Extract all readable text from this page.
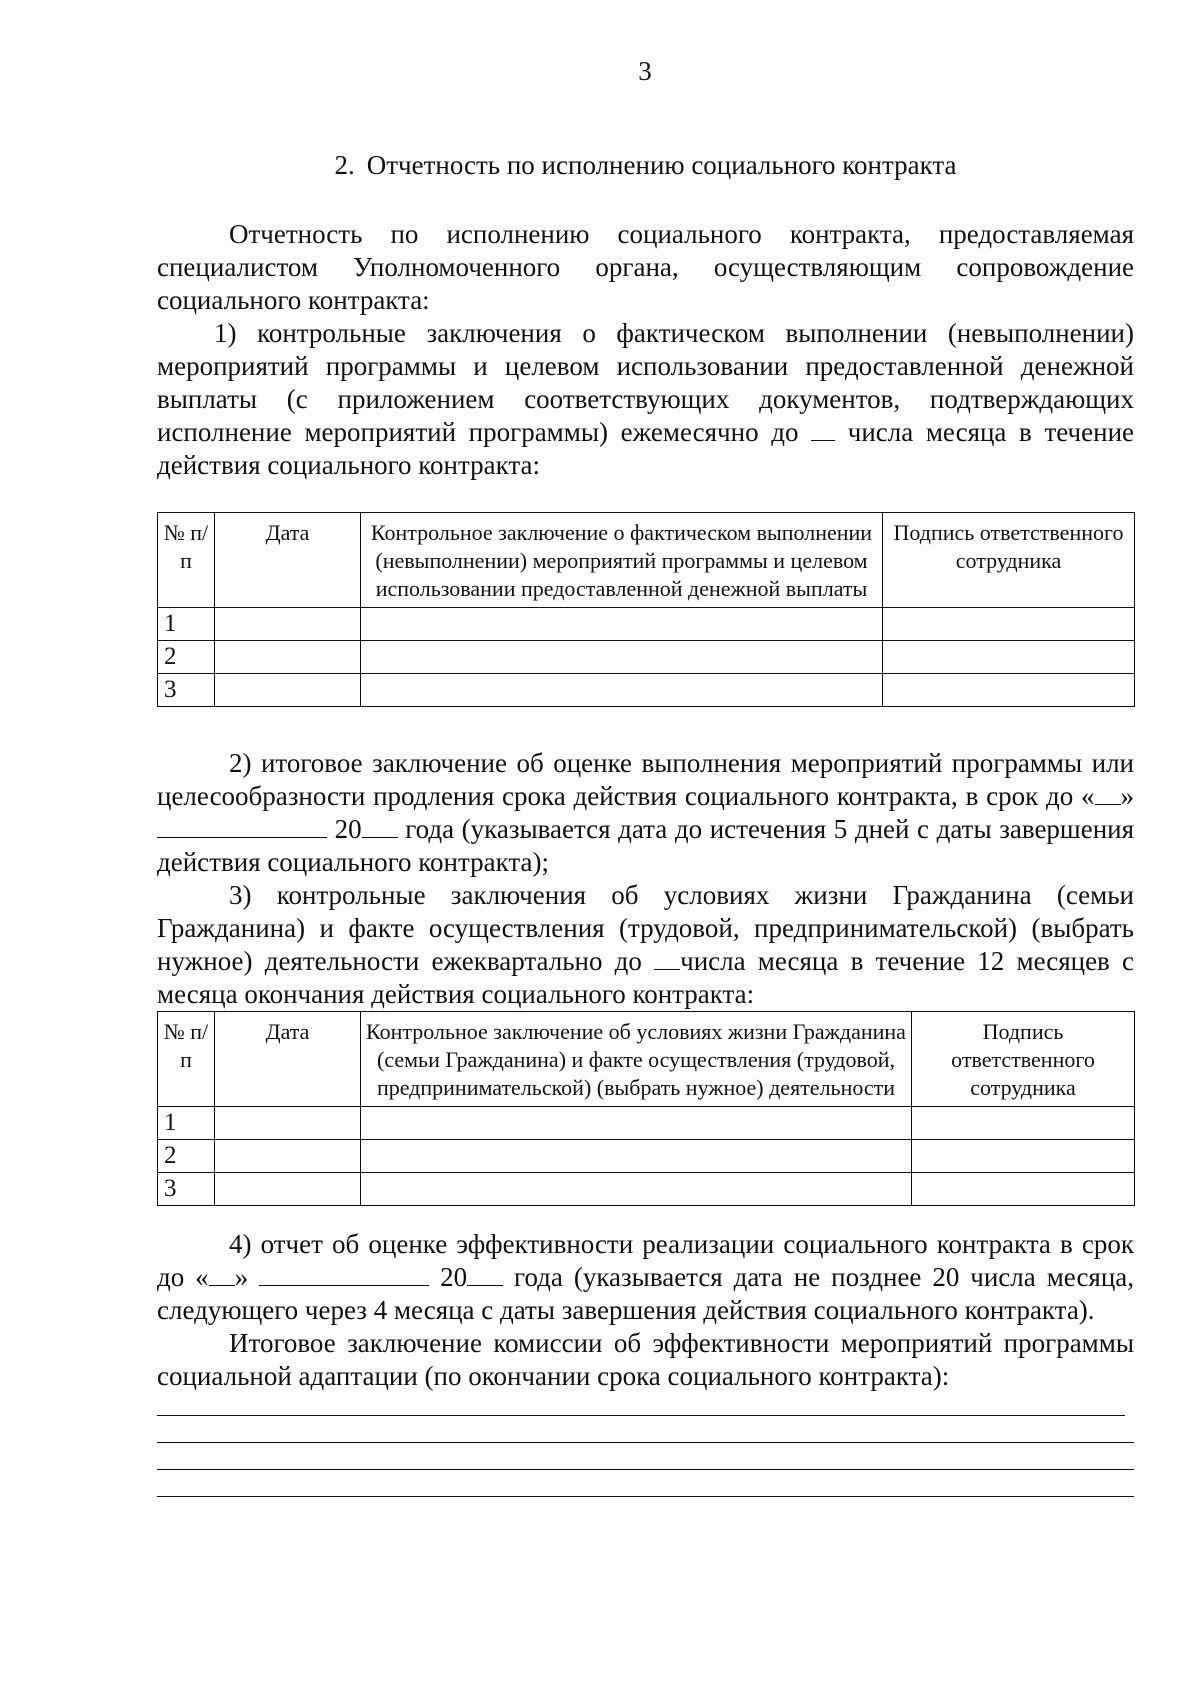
3
2. Отчетность по исполнению социального контракта

Отчетность по исполнению социального контракта, предоставляемая специалистом Уполномоченного органа, осуществляющим сопровождение социального контракта:

1) контрольные заключения о фактическом выполнении (невыполнении) мероприятий программы и целевом использовании предоставленной денежной выплаты (с приложением соответствующих документов, подтверждающих исполнение мероприятий программы) ежемесячно до числа месяца в течение действия социального контракта:

№ п/п	Дата	Контрольное заключение о фактическом выполнении (невыполнении) мероприятий программы и целевом использовании предоставленной денежной выплаты	Подпись ответственного сотрудника
1			
2			
3			

2) итоговое заключение об оценке выполнения мероприятий программы или целесообразности продления срока действия социального контракта, в срок до « »  20 года (указывается дата до истечения 5 дней с даты завершения действия социального контракта);

3) контрольные заключения об условиях жизни Гражданина (семьи Гражданина) и факте осуществления (трудовой, предпринимательской) (выбрать нужное) деятельности ежеквартально до числа месяца в течение 12 месяцев с месяца окончания действия социального контракта:

№ п/п	Дата	Контрольное заключение об условиях жизни Гражданина (семьи Гражданина) и факте осуществления (трудовой, предпринимательской) (выбрать нужное) деятельности	Подпись ответственного сотрудника
1			
2			
3			

4) отчет об оценке эффективности реализации социального контракта в срок до « »	20 года (указывается дата не позднее 20 числа месяца, следующего через 4 месяца с даты завершения действия социального контракта).

Итоговое заключение комиссии об эффективности мероприятий программы социальной адаптации (по окончании срока социального контракта):
